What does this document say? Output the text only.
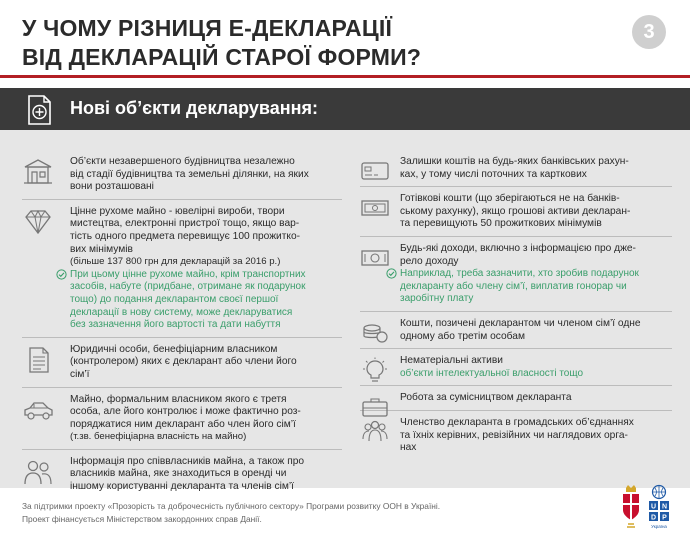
У ЧОМУ РІЗНИЦЯ Е-ДЕКЛАРАЦІЇ
ВІД ДЕКЛАРАЦІЙ СТАРОЇ ФОРМИ?
3
Нові об’єкти декларування:
Об’єкти незавершеного будівництва незалежно
від стадії будівництва та земельні ділянки, на яких
вони розташовані
Цінне рухоме майно - ювелірні вироби, твори
мистецтва, електронні пристрої тощо, якщо вар-
тість одного предмета перевищує 100 прожитко-
вих мінімумів
(більше 137 800 грн для декларацій за 2016 р.)
При цьому цінне рухоме майно, крім транспортних
засобів, набуте (придбане, отримане як подарунок
тощо) до подання декларантом своєї першої
декларації в нову систему, може декларуватися
без зазначення його вартості та дати набуття
Юридичні особи, бенефіціарним власником
(контролером) яких є декларант або члени його
сім’ї
Майно, формальним власником якого є третя
особа, але його контролює і може фактично роз-
поряджатися ним декларант або член його сім’ї
(т.зв. бенефіціарна власність на майно)
Інформація про співвласників майна, а також про
власників майна, яке знаходиться в оренді чи
іншому користуванні декларанта та членів сім’ї
Залишки коштів на будь-яких банківських рахун-
ках, у тому числі поточних та карткових
Готівкові кошти (що зберігаються не на банків-
ському рахунку), якщо грошові активи декларан-
та перевищують 50 прожиткових мінімумів
Будь-які доходи, включно з інформацією про дже-
рело доходу
Наприклад, треба зазначити, хто зробив подарунок
декларанту або члену сім’ї, виплатив гонорар чи
заробітну плату
Кошти, позичені декларантом чи членом сім’ї одне
одному або третім особам
Нематеріальні активи
об’єкти інтелектуальної власності тощо
Робота за сумісництвом декларанта
Членство декларанта в громадських об’єднаннях
та їхніх керівних, ревізійних чи наглядових орга-
нах
За підтримки проекту «Прозорість та доброчесність публічного сектору» Програми розвитку ООН в Україні.
Проект фінансується Міністерством закордонних справ Данії.
U N
D P
Україна
